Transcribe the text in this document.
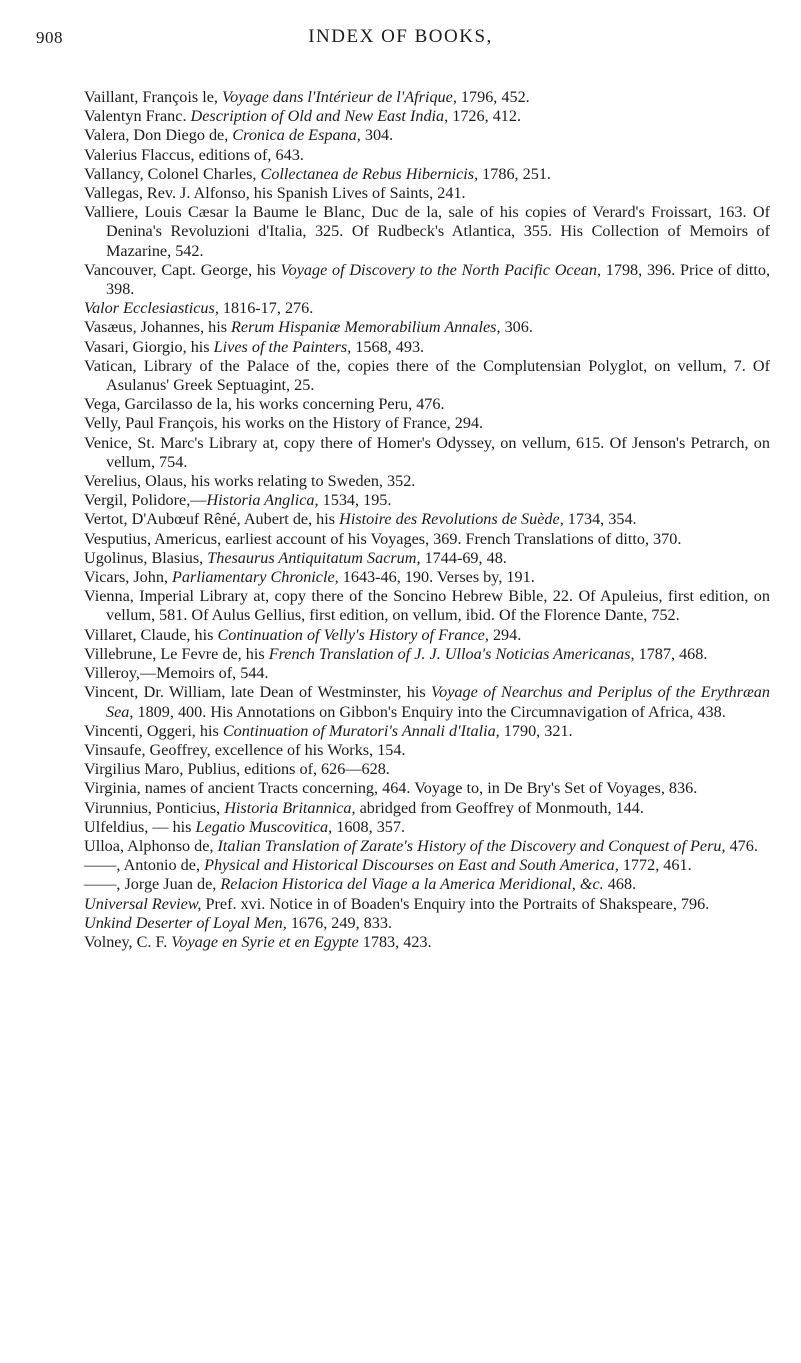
908	INDEX OF BOOKS,
Vaillant, François le, Voyage dans l'Intérieur de l'Afrique, 1796, 452.
Valentyn Franc. Description of Old and New East India, 1726, 412.
Valera, Don Diego de, Cronica de Espana, 304.
Valerius Flaccus, editions of, 643.
Vallancy, Colonel Charles, Collectanea de Rebus Hibernicis, 1786, 251.
Vallegas, Rev. J. Alfonso, his Spanish Lives of Saints, 241.
Valliere, Louis Cæsar la Baume le Blanc, Duc de la, sale of his copies of Verard's Froissart, 163. Of Denina's Revoluzioni d'Italia, 325. Of Rudbeck's Atlantica, 355. His Collection of Memoirs of Mazarine, 542.
Vancouver, Capt. George, his Voyage of Discovery to the North Pacific Ocean, 1798, 396. Price of ditto, 398.
Valor Ecclesiasticus, 1816-17, 276.
Vasæus, Johannes, his Rerum Hispaniæ Memorabilium Annales, 306.
Vasari, Giorgio, his Lives of the Painters, 1568, 493.
Vatican, Library of the Palace of the, copies there of the Complutensian Polyglot, on vellum, 7. Of Asulanus' Greek Septuagint, 25.
Vega, Garcilasso de la, his works concerning Peru, 476.
Velly, Paul François, his works on the History of France, 294.
Venice, St. Marc's Library at, copy there of Homer's Odyssey, on vellum, 615. Of Jenson's Petrarch, on vellum, 754.
Verelius, Olaus, his works relating to Sweden, 352.
Vergil, Polidore,—Historia Anglica, 1534, 195.
Vertot, D'Aubœuf Rêné, Aubert de, his Histoire des Revolutions de Suède, 1734, 354.
Vesputius, Americus, earliest account of his Voyages, 369. French Translations of ditto, 370.
Ugolinus, Blasius, Thesaurus Antiquitatum Sacrum, 1744-69, 48.
Vicars, John, Parliamentary Chronicle, 1643-46, 190. Verses by, 191.
Vienna, Imperial Library at, copy there of the Soncino Hebrew Bible, 22. Of Apuleius, first edition, on vellum, 581. Of Aulus Gellius, first edition, on vellum, ibid. Of the Florence Dante, 752.
Villaret, Claude, his Continuation of Velly's History of France, 294.
Villebrune, Le Fevre de, his French Translation of J. J. Ulloa's Noticias Americanas, 1787, 468.
Villeroy,—Memoirs of, 544.
Vincent, Dr. William, late Dean of Westminster, his Voyage of Nearchus and Periplus of the Erythræan Sea, 1809, 400. His Annotations on Gibbon's Enquiry into the Circumnavigation of Africa, 438.
Vincenti, Oggeri, his Continuation of Muratori's Annali d'Italia, 1790, 321.
Vinsaufe, Geoffrey, excellence of his Works, 154.
Virgilius Maro, Publius, editions of, 626—628.
Virginia, names of ancient Tracts concerning, 464. Voyage to, in De Bry's Set of Voyages, 836.
Virunnius, Ponticius, Historia Britannica, abridged from Geoffrey of Monmouth, 144.
Ulfeldius, — his Legatio Muscovitica, 1608, 357.
Ulloa, Alphonso de, Italian Translation of Zarate's History of the Discovery and Conquest of Peru, 476.
——, Antonio de, Physical and Historical Discourses on East and South America, 1772, 461.
——, Jorge Juan de, Relacion Historica del Viage a la America Meridional, &c. 468.
Universal Review, Pref. xvi. Notice in of Boaden's Enquiry into the Portraits of Shakspeare, 796.
Unkind Deserter of Loyal Men, 1676, 249, 833.
Volney, C. F. Voyage en Syrie et en Egypte 1783, 423.
